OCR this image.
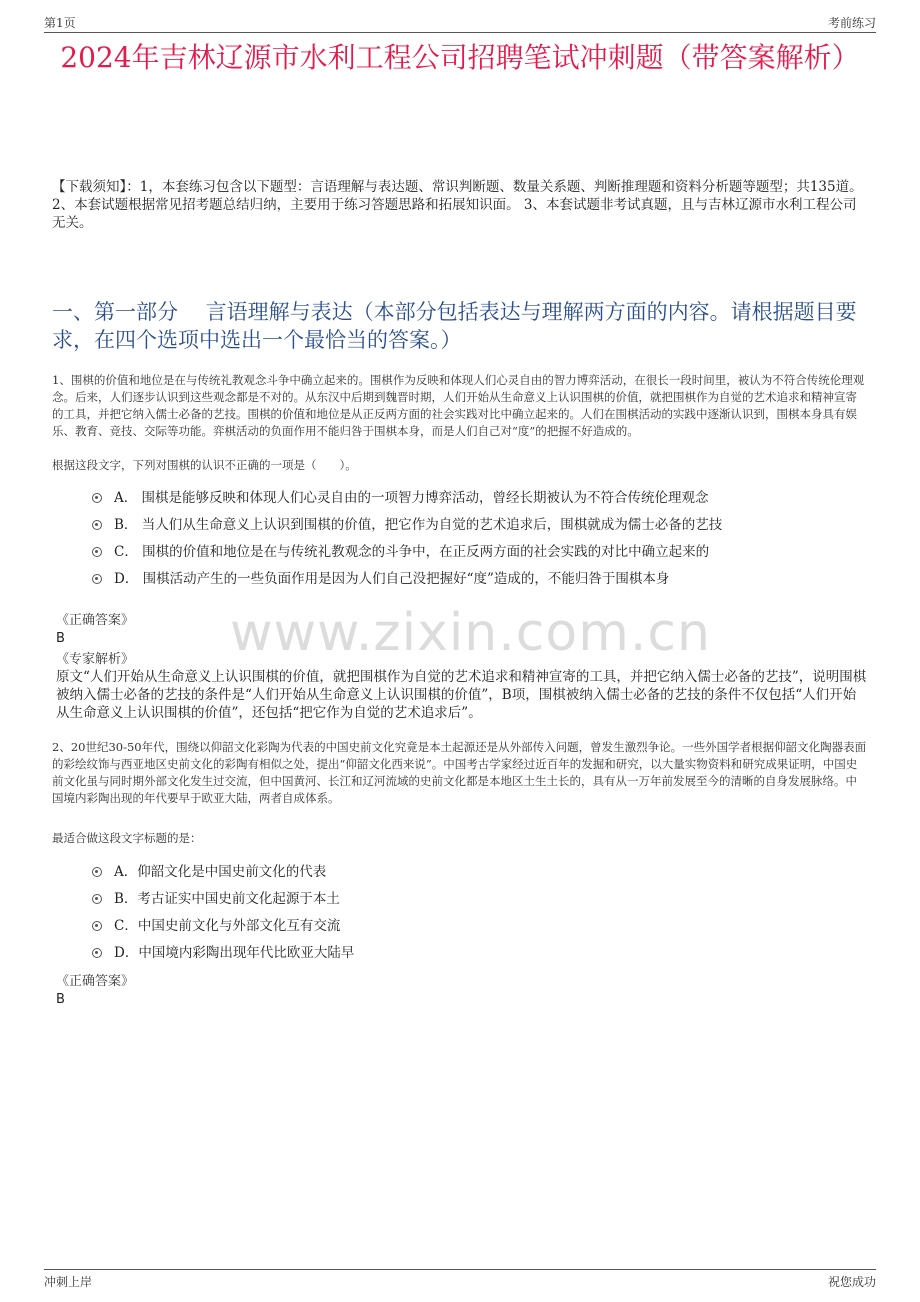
第1页	考前练习
2024年吉林辽源市水利工程公司招聘笔试冲刺题（带答案解析）
【下载须知】：1，本套练习包含以下题型：言语理解与表达题、常识判断题、数量关系题、判断推理题和资料分析题等题型；共135道。 2、本套试题根据常见招考题总结归纳，主要用于练习答题思路和拓展知识面。 3、本套试题非考试真题，且与吉林辽源市水利工程公司无关。
一、第一部分　 言语理解与表达（本部分包括表达与理解两方面的内容。请根据题目要求，在四个选项中选出一个最恰当的答案。）
1、围棋的价值和地位是在与传统礼教观念斗争中确立起来的。围棋作为反映和体现人们心灵自由的智力博弈活动，在很长一段时间里，被认为不符合传统伦理观念。后来，人们逐步认识到这些观念都是不对的。从东汉中后期到魏晋时期，人们开始从生命意义上认识围棋的价值，就把围棋作为自觉的艺术追求和精神宣寄的工具，并把它纳入儒士必备的艺技。围棋的价值和地位是从正反两方面的社会实践对比中确立起来的。人们在围棋活动的实践中逐渐认识到，围棋本身具有娱乐、教育、竞技、交际等功能。弈棋活动的负面作用不能归咎于围棋本身，而是人们自己对“度”的把握不好造成的。
根据这段文字，下列对围棋的认识不正确的一项是（　　）。
A． 围棋是能够反映和体现人们心灵自由的一项智力博弈活动，曾经长期被认为不符合传统伦理观念
B． 当人们从生命意义上认识到围棋的价值，把它作为自觉的艺术追求后，围棋就成为儒士必备的艺技
C． 围棋的价值和地位是在与传统礼教观念的斗争中，在正反两方面的社会实践的对比中确立起来的
D． 围棋活动产生的一些负面作用是因为人们自己没把握好“度”造成的，不能归咎于围棋本身
《正确答案》
B	www.zixin.com.cn
《专家解析》
原文“人们开始从生命意义上认识围棋的价值，就把围棋作为自觉的艺术追求和精神宣寄的工具，并把它纳入儒士必备的艺技”，说明围棋被纳入儒士必备的艺技的条件是“人们开始从生命意义上认识围棋的价值”，B项，围棋被纳入儒士必备的艺技的条件不仅包括“人们开始从生命意义上认识围棋的价值”，还包括“把它作为自觉的艺术追求后”。
2、20世纪30-50年代，围绕以仰韶文化彩陶为代表的中国史前文化究竟是本土起源还是从外部传入问题，曾发生激烈争论。一些外国学者根据仰韶文化陶器表面的彩绘纹饰与西亚地区史前文化的彩陶有相似之处，提出“仰韶文化西来说”。中国考古学家经过近百年的发掘和研究，以大量实物资料和研究成果证明，中国史前文化虽与同时期外部文化发生过交流，但中国黄河、长江和辽河流域的史前文化都是本地区土生土长的，具有从一万年前发展至今的清晰的自身发展脉络。中国境内彩陶出现的年代要早于欧亚大陆，两者自成体系。
最适合做这段文字标题的是：
A．仰韶文化是中国史前文化的代表
B．考古证实中国史前文化起源于本土
C．中国史前文化与外部文化互有交流
D．中国境内彩陶出现年代比欧亚大陆早
《正确答案》
B
冲刺上岸	祝您成功
